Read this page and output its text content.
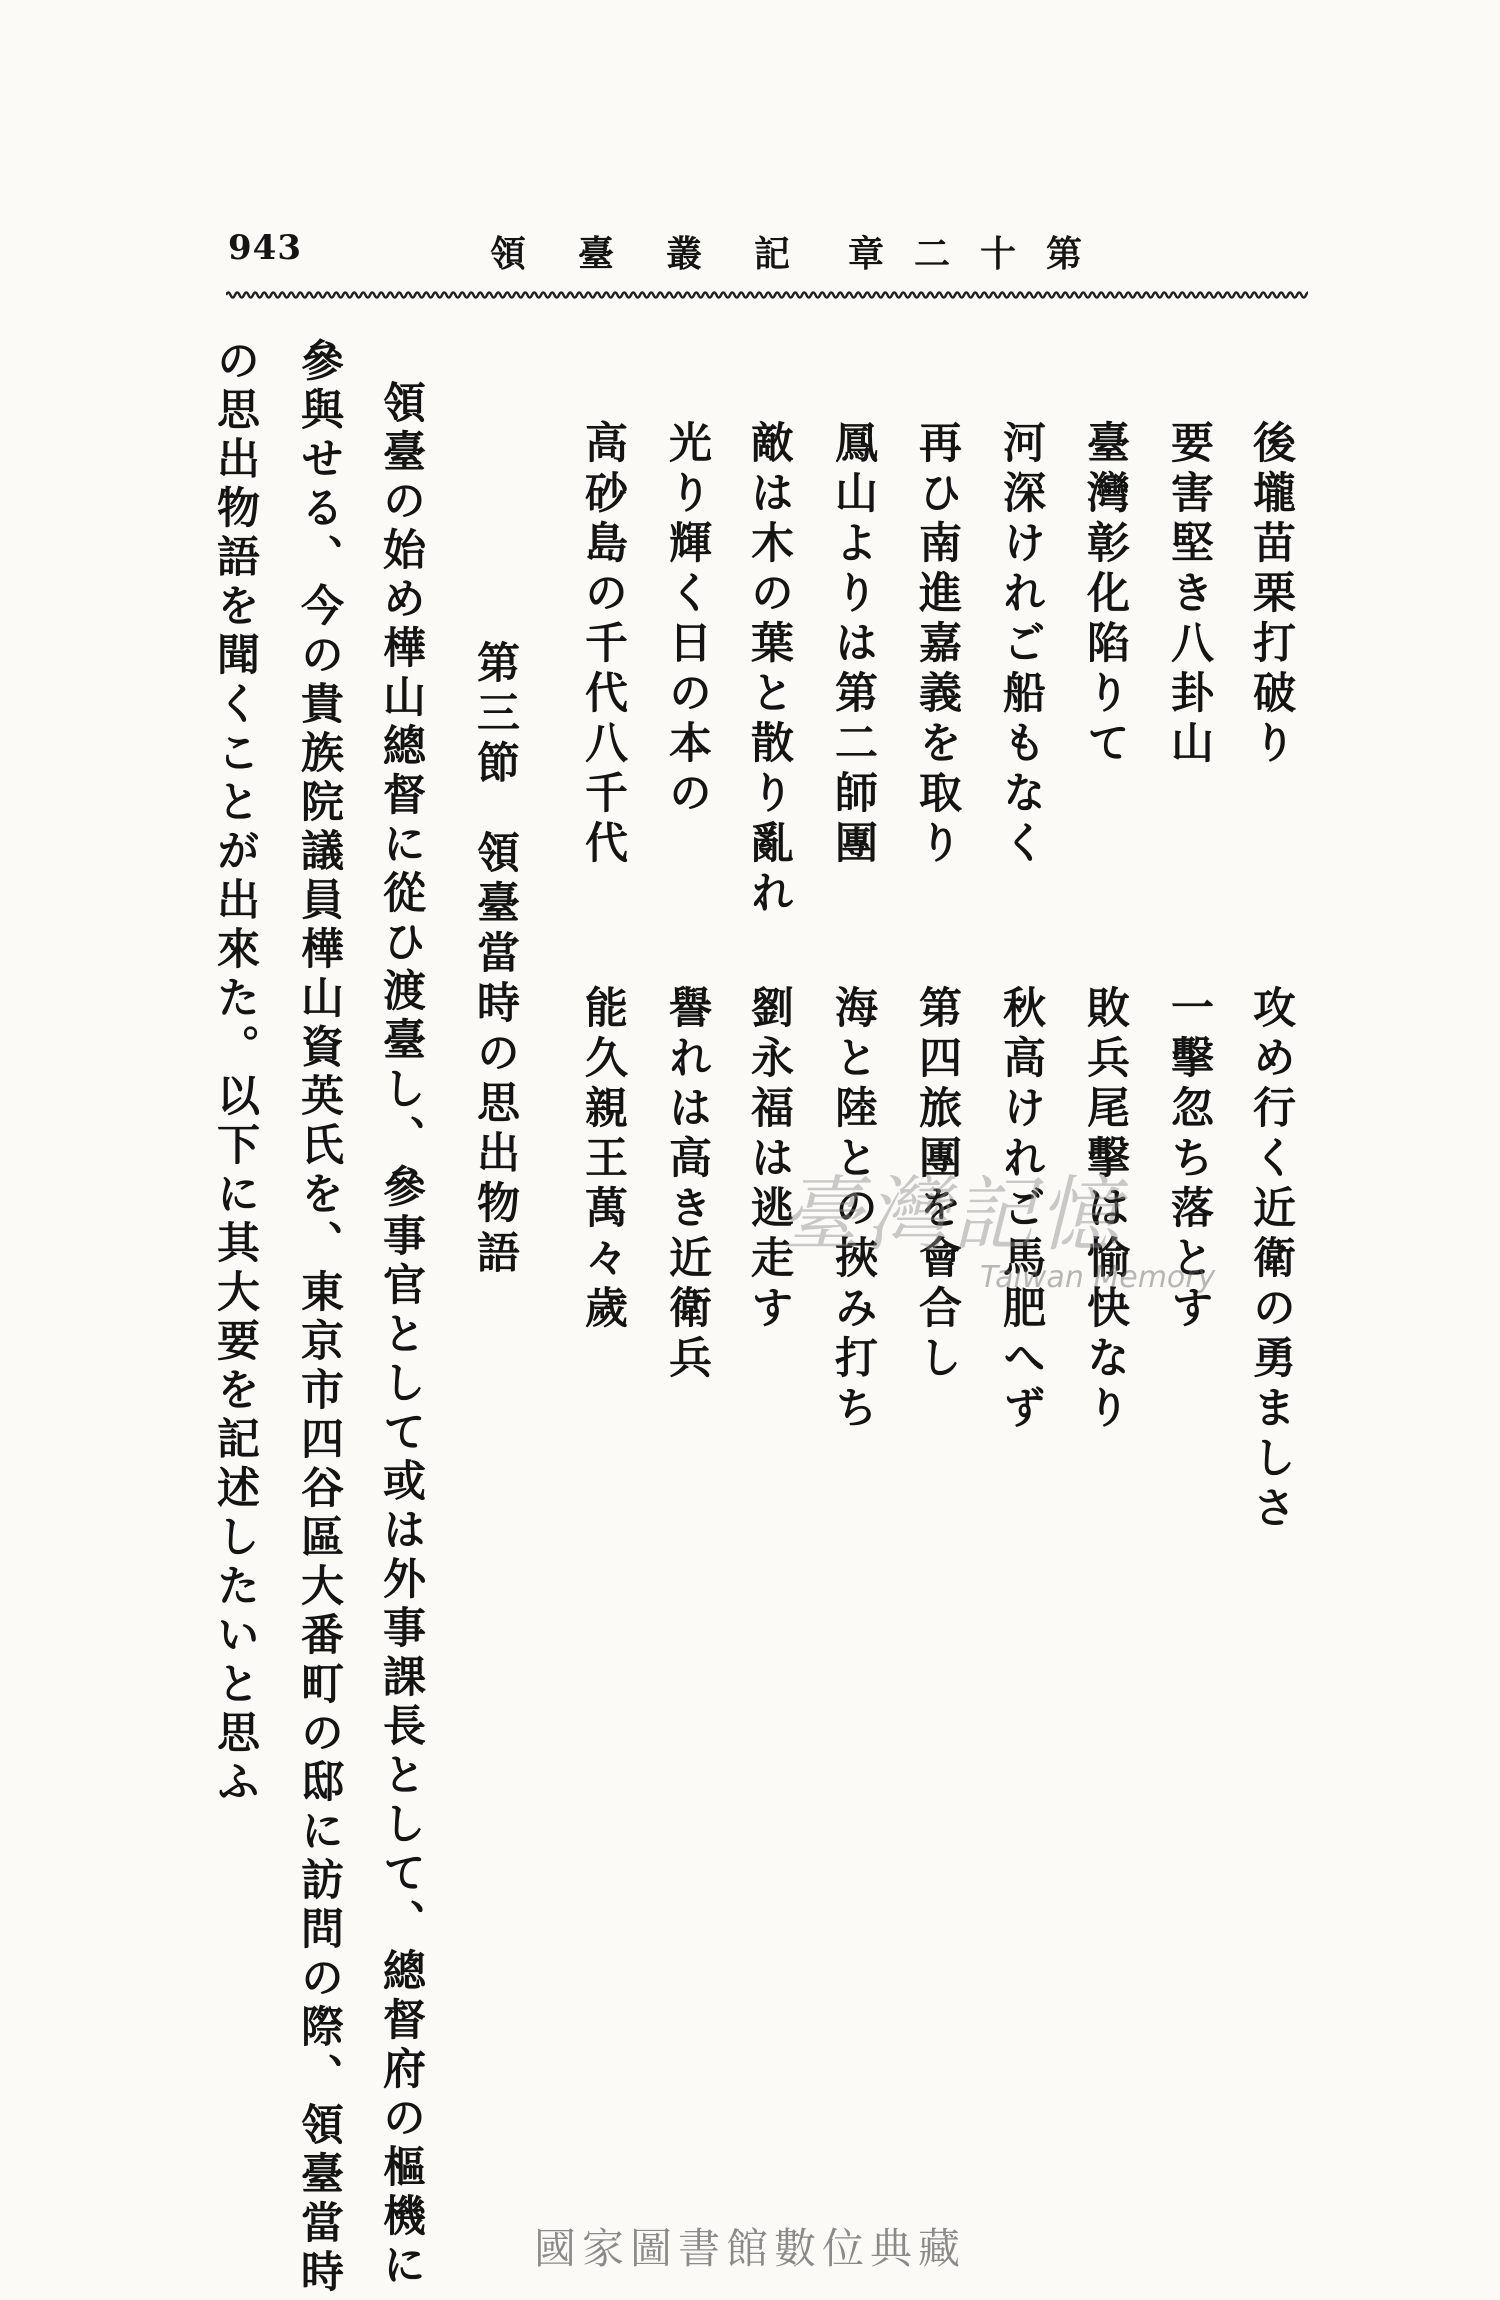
943	記叢臺領 第十二章
後壠苗栗打破り
要害堅き八卦山
臺灣彰化陷りて
河深けれご船もなく
再ひ南進嘉義を取り
鳳山よりは第二師團
敵は木の葉と散り亂れ
光り輝く日の本の
高砂島の千代八千代
攻め行く近衛の勇ましさ
一擊忽ち落とす
敗兵尾擊は愉快なり
秋高けれご馬肥へず
第四旅團を會合し
海と陸との挾み打ち
劉永福は逃走す
譽れは高き近衛兵
能久親王萬々歲
第三節
領臺當時の思出物語
領臺の始め樺山總督に從ひ渡臺し、參事官として或は外事課長として、總督府の樞機に
參與せる、今の貴族院議員樺山資英氏を、東京市四谷區大番町の邸に訪問の際、領臺當時
の思出物語を聞くことが出來た。以下に其大要を記述したいと思ふ	臺灣記憶
Taiwan Memory
國家圖書館數位典藏
